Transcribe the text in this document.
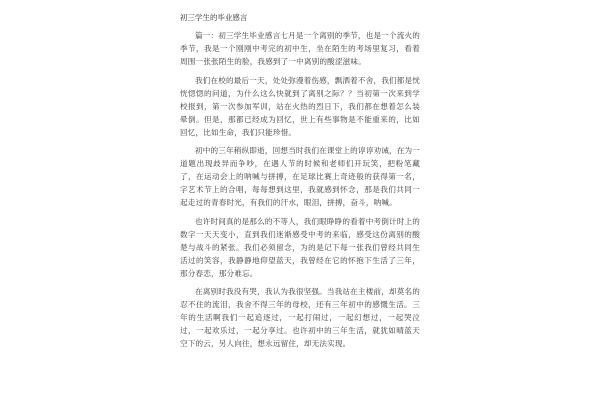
初三学生的毕业感言

篇一：初三学生毕业感言七月是一个离别的季节，也是一个流火的季节，我是一个刚刚中考完的初中生，坐在陌生的考场里复习，看着周围一张张陌生的脸，我感到了一中离别的酸涩滋味。

我们在校的最后一天，处处弥漫着伤感，飘洒着不舍，我们都是恍恍惚惚的问道，为什么这么快就到了离别之际？？当初第一次来到学校报到，第一次参加军训，站在火热的烈日下，我们都在想着怎么装晕倒。但是，那都已经成为回忆，世上有些事物是不能重来的，比如回忆，比如生命，我们只能珍惜。

初中的三年稍纵即逝，回想当时我们在课堂上的谆谆劝诫，在为一道题出现歧异而争吵，在遇人节的时候和老师们开玩笑，把粉笔藏了，在运动会上的呐喊与拼搏，在足球比赛上奇迹般的获得第一名，字艺术节上的合唱，每每想到这里，我就感到怀念，那是我们共同一起走过的青春时光，有我们的汗水，眼泪，拼搏，奋斗，呐喊。

也许时间真的是那么的不等人，我们眼睁睁的看着中考倒计时上的数字一天天变小，直到我们迷渐感受中考的来临，感受这份离别的酸楚与战斗的紧张。我们必须留念，为的是记下每一张我们曾经共同生活过的笑容，我静静地仰望蓝天，我曾经在它的怀抱下生活了三年，那分春恋，那分难忘。

在离别时我没有哭，我认为我很坚强。当我站在主楼前，却莫名的忍不住的流泪，我舍不得三年的母校，还有三年初中的感慨生活。三年的生活啊我们一起追逐过，一起打闹过，一起幻想过，一起哭泣过，一起欢乐过，一起分享过。也许初中的三年生活，就犹如晴蓝天空下的云，另人向往，想永远留住，却无法实现。
